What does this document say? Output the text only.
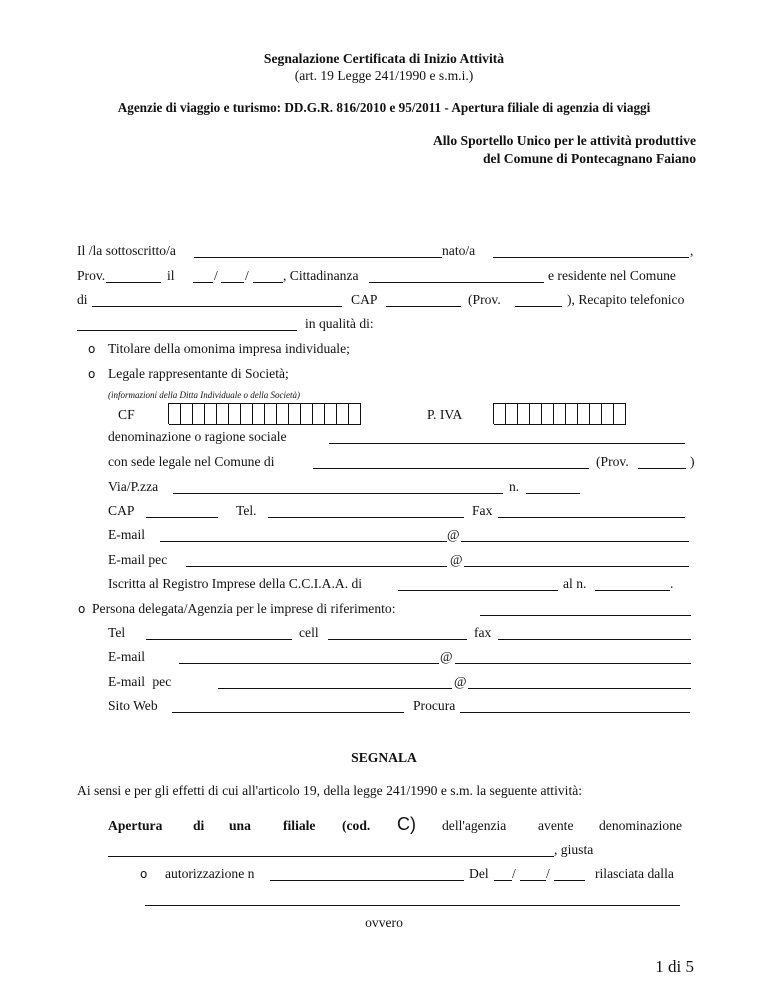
Segnalazione Certificata di Inizio Attività
(art. 19 Legge 241/1990 e s.m.i.)
Agenzie di viaggio e turismo: DD.G.R. 816/2010 e 95/2011 - Apertura filiale di agenzia di viaggi
Allo Sportello Unico per le attività produttive
del Comune di Pontecagnano Faiano
Il /la sottoscritto/a	nato/a	,
Prov.	il	/ /	, Cittadinanza	e residente nel Comune
di	CAP	(Prov.	), Recapito telefonico
in qualità di:
o Titolare della omonima impresa individuale;
o Legale rappresentante di Società;
(informazioni della Ditta Individuale o della Società)
CF	P. IVA
denominazione o ragione sociale
con sede legale nel Comune di	(Prov.	)
Via/P.zza	n.
CAP	Tel.	Fax
E-mail	@
E-mail pec	@
Iscritta al Registro Imprese della C.C.I.A.A. di	al n.	.
o Persona delegata/Agenzia per le imprese di riferimento:
Tel	cell	fax
E-mail	@
E-mail pec	@
Sito Web	Procura
SEGNALA
Ai sensi e per gli effetti di cui all'articolo 19, della legge 241/1990 e s.m. la seguente attività:
Apertura di una filiale (cod. C) dell'agenzia avente denominazione
, giusta
o autorizzazione n	Del / /	rilasciata dalla
ovvero
1 di 5
